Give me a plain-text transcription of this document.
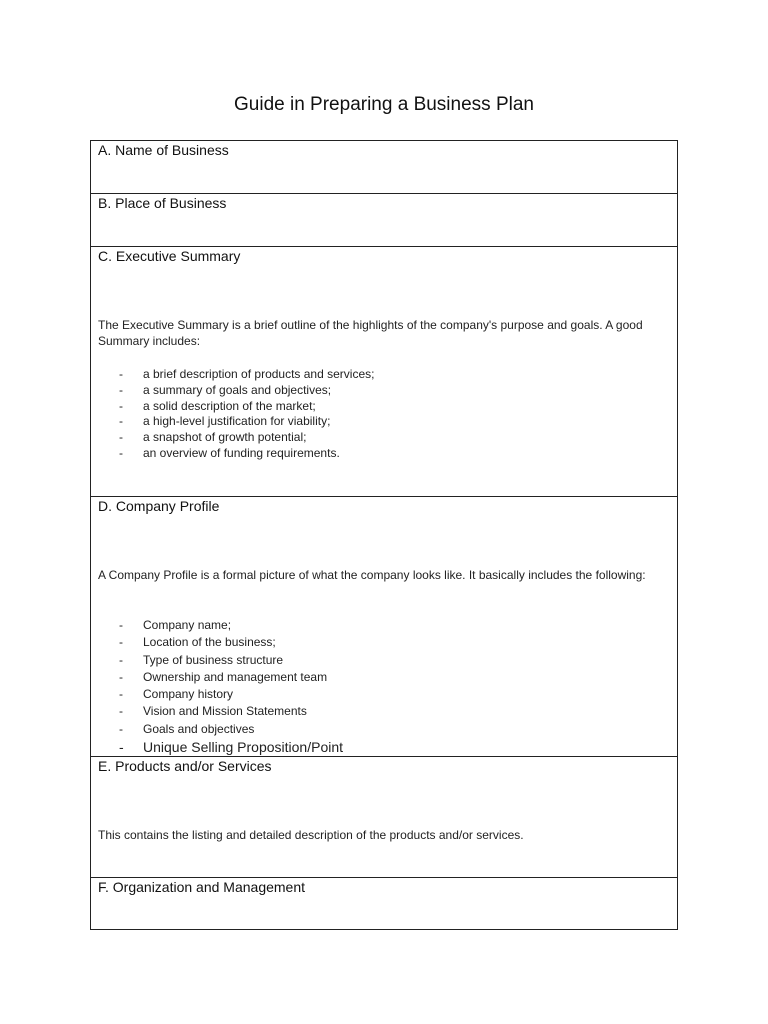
Guide in Preparing a Business Plan
A. Name of Business
B. Place of Business
C. Executive Summary
The Executive Summary is a brief outline of the highlights of the company's purpose and goals. A good Summary includes:
- a brief description of products and services;
- a summary of goals and objectives;
- a solid description of the market;
- a high-level justification for viability;
- a snapshot of growth potential;
- an overview of funding requirements.
D. Company Profile
A Company Profile is a formal picture of what the company looks like. It basically includes the following:
- Company name;
- Location of the business;
- Type of business structure
- Ownership and management team
- Company history
- Vision and Mission Statements
- Goals and objectives
- Unique Selling Proposition/Point
E. Products and/or Services
This contains the listing and detailed description of the products and/or services.
F. Organization and Management
